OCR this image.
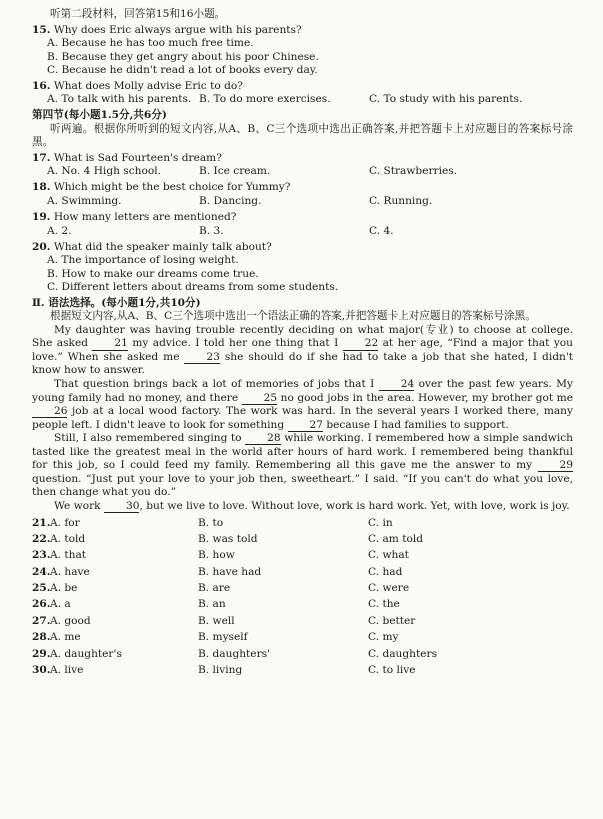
听第二段材料，回答第15和16小题。
15. Why does Eric always argue with his parents?
A. Because he has too much free time.
B. Because they get angry about his poor Chinese.
C. Because he didn't read a lot of books every day.
16. What does Molly advise Eric to do?
A. To talk with his parents. B. To do more exercises.	C. To study with his parents.
第四节(每小题1.5分,共6分)
听两遍。根据你所听到的短文内容,从A、B、C三个选项中选出正确答案,并把答题卡上对应题目的答案标号涂黑。
17. What is Sad Fourteen's dream?
A. No. 4 High school.	B. Ice cream.	C. Strawberries.
18. Which might be the best choice for Yummy?
A. Swimming.	B. Dancing.	C. Running.
19. How many letters are mentioned?
A. 2.	B. 3.	C. 4.
20. What did the speaker mainly talk about?
A. The importance of losing weight.
B. How to make our dreams come true.
C. Different letters about dreams from some students.
Ⅱ. 语法选择。(每小题1分,共10分)
根据短文内容,从A、B、C三个选项中选出一个语法正确的答案,并把答题卡上对应题目的答案标号涂黑。

My daughter was having trouble recently deciding on what major(专业) to choose at college. She asked 21 my advice. I told her one thing that I 22 at her age, “Find a major that you love.” When she asked me 23 she should do if she had to take a job that she hated, I didn't know how to answer.

That question brings back a lot of memories of jobs that I 24 over the past few years. My young family had no money, and there 25 no good jobs in the area. However, my brother got me 26 job at a local wood factory. The work was hard. In the several years I worked there, many people left. I didn't leave to look for something 27 because I had families to support.

Still, I also remembered singing to 28 while working. I remembered how a simple sandwich tasted like the greatest meal in the world after hours of hard work. I remembered being thankful for this job, so I could feed my family. Remembering all this gave me the answer to my 29 question. “Just put your love to your job then, sweetheart.” I said. “If you can't do what you love, then change what you do.”

We work 30, but we live to love. Without love, work is hard work. Yet, with love, work is joy.

21. A. for	B. to	C. in
22. A. told	B. was told	C. am told
23. A. that	B. how	C. what
24. A. have	B. have had	C. had
25. A. be	B. are	C. were
26. A. a	B. an	C. the
27. A. good	B. well	C. better
28. A. me	B. myself	C. my
29. A. daughter's	B. daughters'	C. daughters
30. A. live	B. living	C. to live
